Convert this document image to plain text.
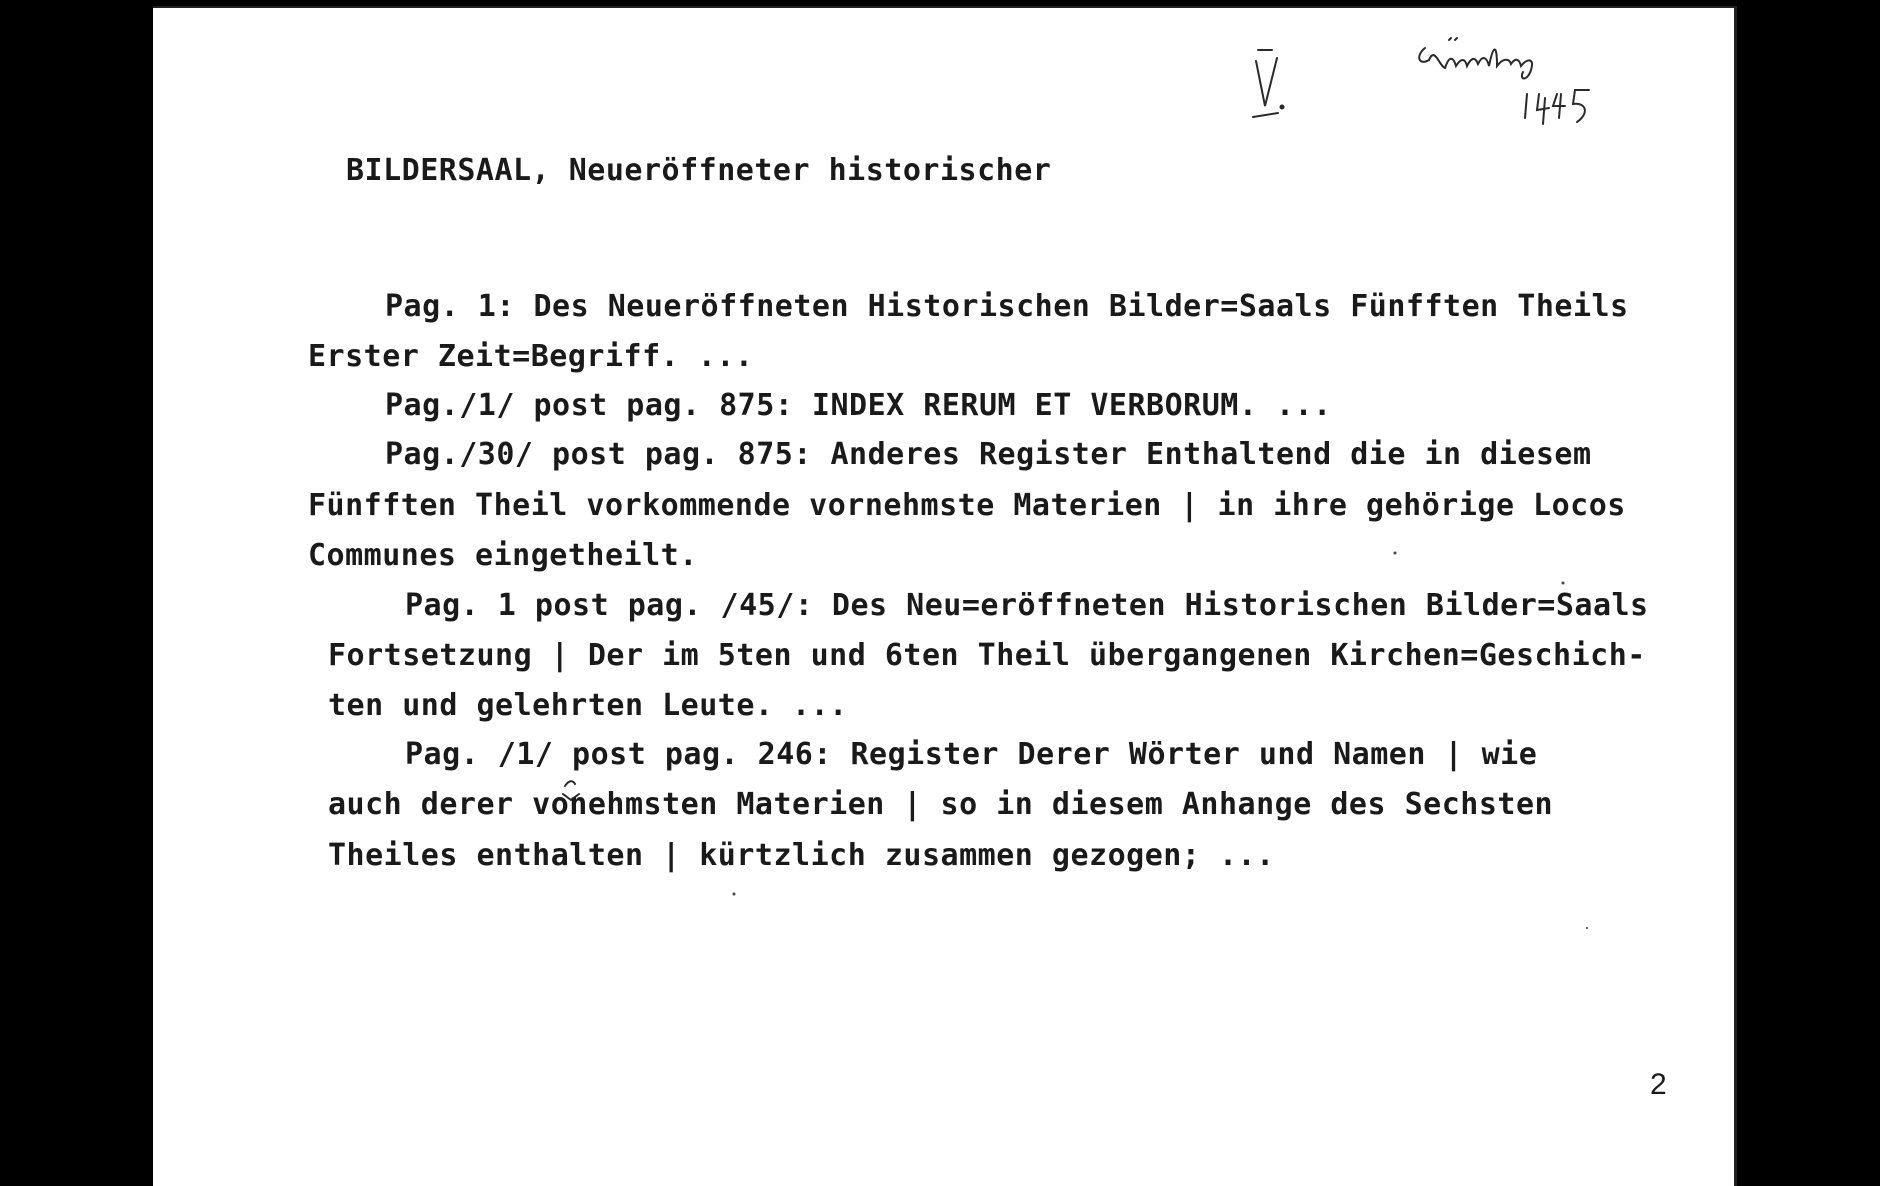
BILDERSAAL, Neueröffneter historischer
Pag. 1: Des Neueröffneten Historischen Bilder=Saals Fünfften Theils
Erster Zeit=Begriff. ...
Pag./1/ post pag. 875: INDEX RERUM ET VERBORUM. ...
Pag./30/ post pag. 875: Anderes Register Enthaltend die in diesem
Fünfften Theil vorkommende vornehmste Materien | in ihre gehörige Locos
Communes eingetheilt.
Pag. 1 post pag. /45/: Des Neu=eröffneten Historischen Bilder=Saals
Fortsetzung | Der im 5ten und 6ten Theil übergangenen Kirchen=Geschich-
ten und gelehrten Leute. ...
Pag. /1/ post pag. 246: Register Derer Wörter und Namen | wie
auch derer vonehmsten Materien | so in diesem Anhange des Sechsten
Theiles enthalten | kürtzlich zusammen gezogen; ...
2
